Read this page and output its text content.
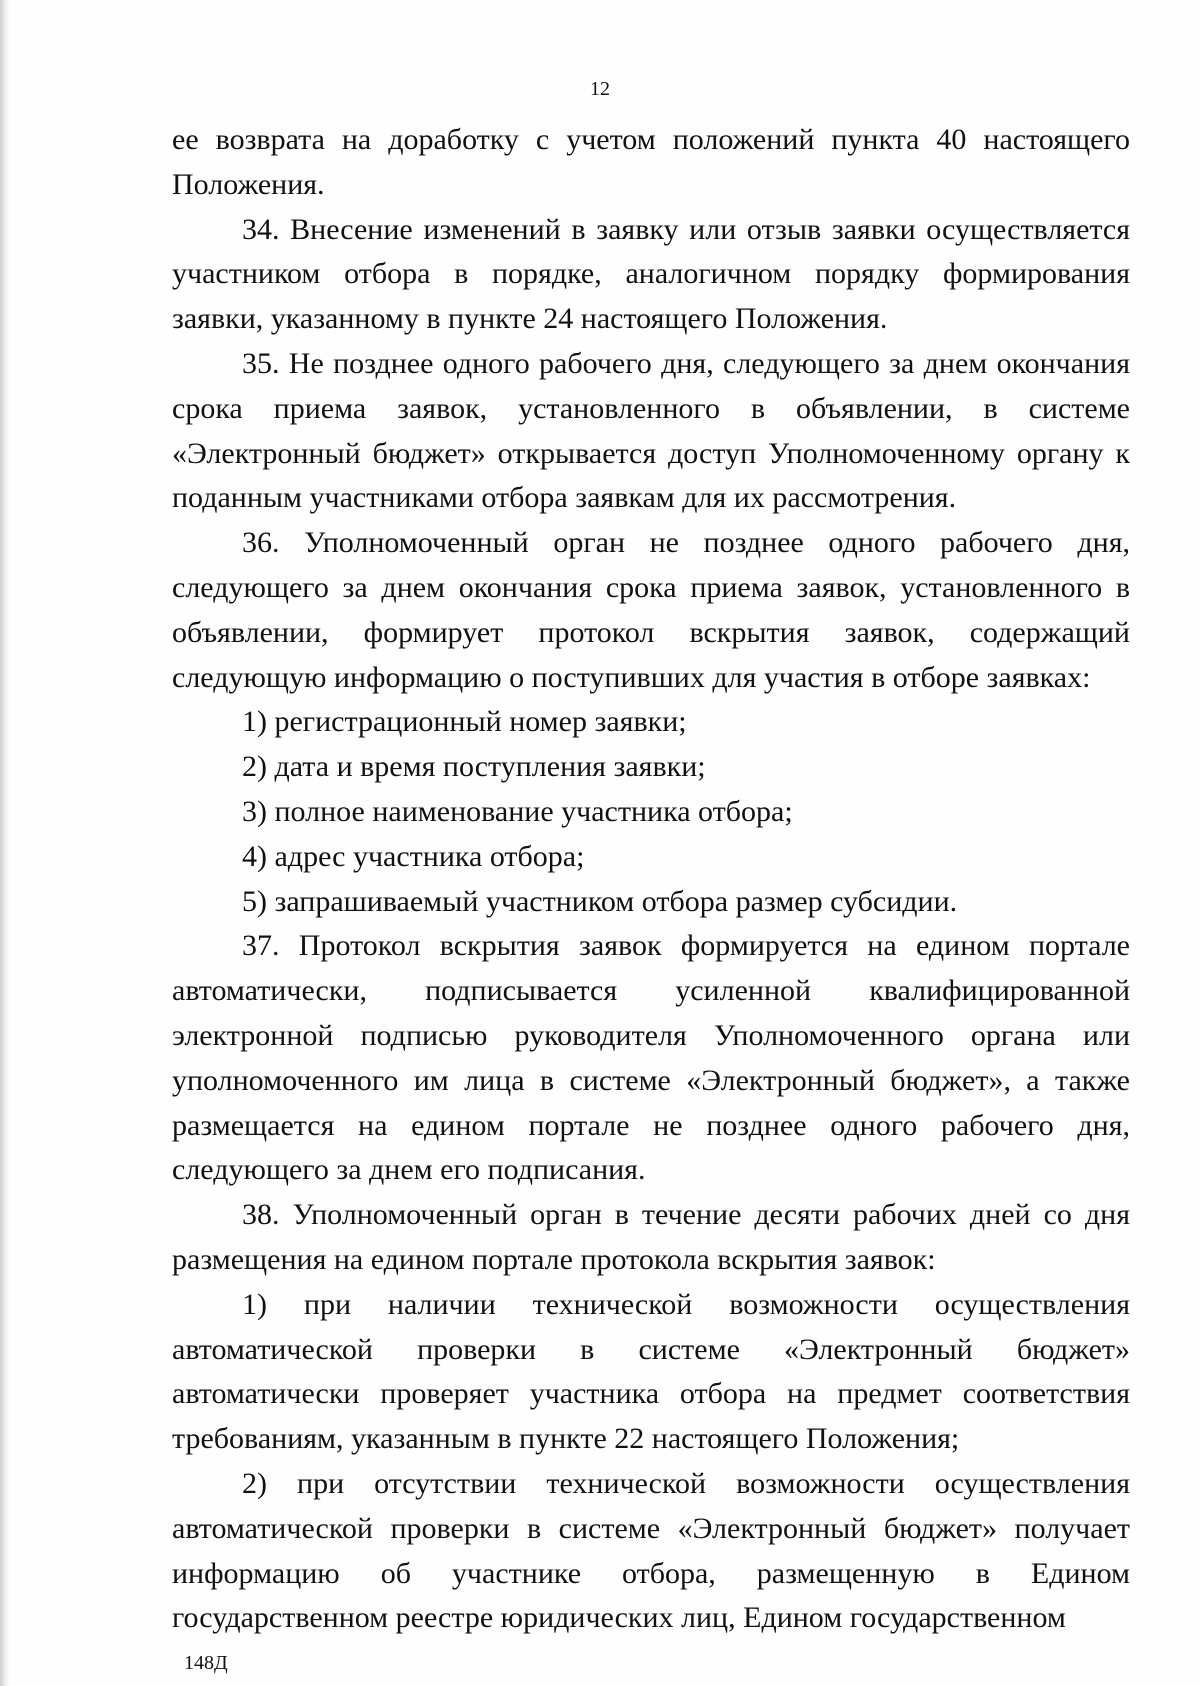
12

ее возврата на доработку с учетом положений пункта 40 настоящего Положения.

34. Внесение изменений в заявку или отзыв заявки осуществляется участником отбора в порядке, аналогичном порядку формирования заявки, указанному в пункте 24 настоящего Положения.

35. Не позднее одного рабочего дня, следующего за днем окончания срока приема заявок, установленного в объявлении, в системе «Электронный бюджет» открывается доступ Уполномоченному органу к поданным участниками отбора заявкам для их рассмотрения.

36. Уполномоченный орган не позднее одного рабочего дня, следующего за днем окончания срока приема заявок, установленного в объявлении, формирует протокол вскрытия заявок, содержащий следующую информацию о поступивших для участия в отборе заявках:

1) регистрационный номер заявки;

2) дата и время поступления заявки;

3) полное наименование участника отбора;

4) адрес участника отбора;

5) запрашиваемый участником отбора размер субсидии.

37. Протокол вскрытия заявок формируется на едином портале автоматически, подписывается усиленной квалифицированной электронной подписью руководителя Уполномоченного органа или уполномоченного им лица в системе «Электронный бюджет», а также размещается на едином портале не позднее одного рабочего дня, следующего за днем его подписания.

38. Уполномоченный орган в течение десяти рабочих дней со дня размещения на едином портале протокола вскрытия заявок:

1) при наличии технической возможности осуществления автоматической проверки в системе «Электронный бюджет» автоматически проверяет участника отбора на предмет соответствия требованиям, указанным в пункте 22 настоящего Положения;

2) при отсутствии технической возможности осуществления автоматической проверки в системе «Электронный бюджет» получает информацию об участнике отбора, размещенную в Едином государственном реестре юридических лиц, Едином государственном

148Д
